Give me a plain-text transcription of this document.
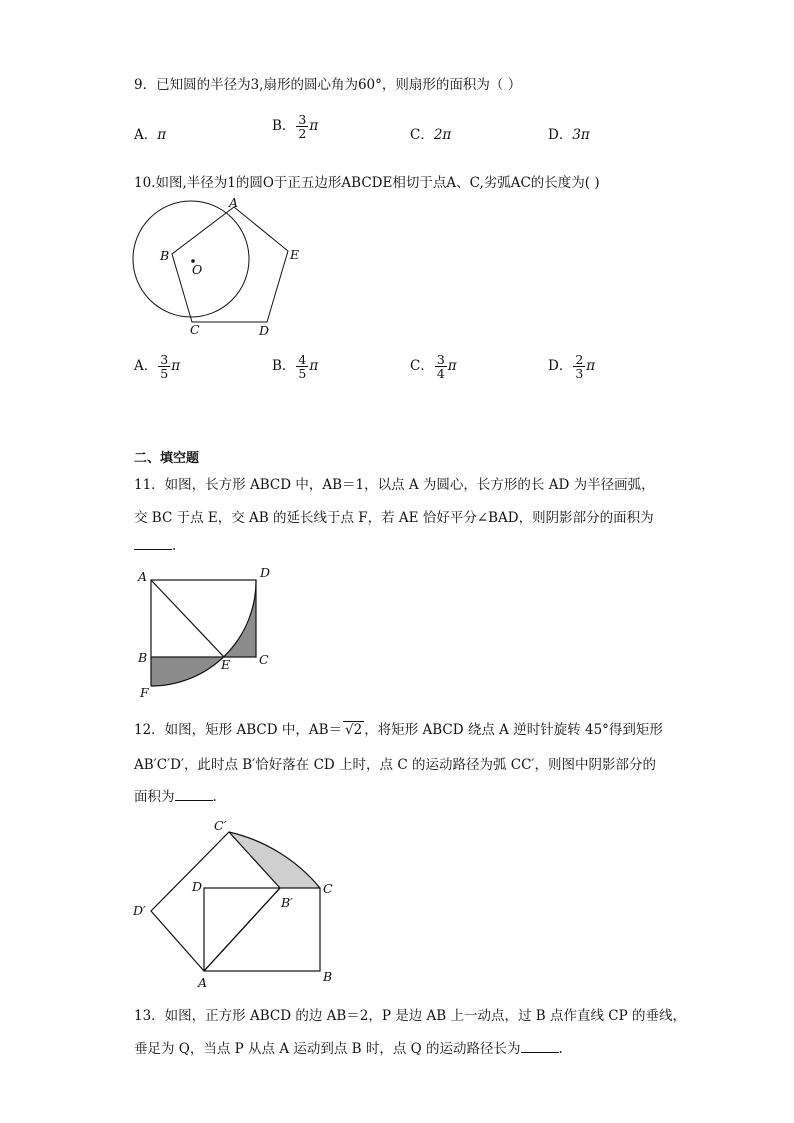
9．已知圆的半径为3,扇形的圆心角为60°，则扇形的面积为（ ）
A．π
B． $\frac{3}{2}$ π
C．2π	D．3π
10.如图,半径为1的圆O于正五边形ABCDE相切于点A、C,劣弧AC的长度为( )
A
B
C	D
E
O
A． $\frac{3}{5}$ π	B． $\frac{4}{5}$ π	C． $\frac{3}{4}$ π	D． $\frac{2}{3}$ π
二、填空题
11．如图，长方形 ABCD 中，AB＝1，以点 A 为圆心，长方形的长 AD 为半径画弧，
交 BC 于点 E，交 AB 的延长线于点 F，若 AE 恰好平分∠BAD，则阴影部分的面积为
.
A	D
B	E C
F
12．如图，矩形 ABCD 中，AB＝ √2 ，将矩形 ABCD 绕点 A 逆时针旋转 45°得到矩形
AB′C′D′，此时点 B′恰好落在 CD 上时，点 C 的运动路径为弧 CC′，则图中阴影部分的
面积为	.
C′
D
B′
C
D′
A	B
13．如图，正方形 ABCD 的边 AB＝2，P 是边 AB 上一动点，过 B 点作直线 CP 的垂线，
垂足为 Q，当点 P 从点 A 运动到点 B 时，点 Q 的运动路径长为	.
